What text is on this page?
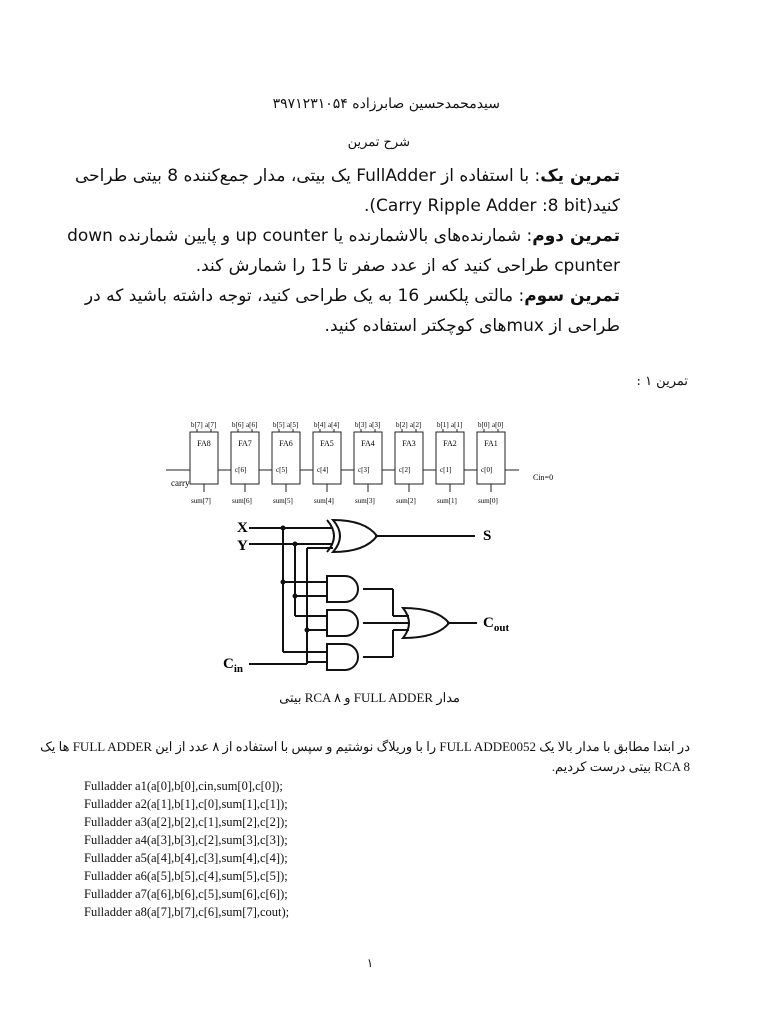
سیدمحمدحسین صابرزاده ۳۹۷۱۲۳۱۰۵۴
شرح تمرین
تمرین یک: با استفاده از FullAdder یک بیتی، مدار جمع‌کننده 8 بیتی طراحی
کنید(Carry Ripple Adder :8 bit).
تمرین دوم: شمارنده‌های بالاشمارنده یا up counter و پایین شمارنده down
cpunter طراحی کنید که از عدد صفر تا 15 را شمارش کند.
تمرین سوم: مالتی پلکسر 16 به یک طراحی کنید، توجه داشته باشید که در
طراحی از muxهای کوچکتر استفاده کنید.
تمرین ۱ :
FA8
b[7] a[7]
sum[7]
FA7
b[6] a[6]
sum[6]
c[6]
FA6
b[5] a[5]
sum[5]
c[5]
FA5
b[4] a[4]
sum[4]
c[4]
FA4
b[3] a[3]
sum[3]
c[3]
FA3
b[2] a[2]
sum[2]
c[2]
FA2
b[1] a[1]
sum[1]
c[1]
FA1
b[0] a[0]
sum[0]
c[0]
carry
Cin=0
X
Y
S
$C_{out}$
$C_{in}$
مدار FULL ADDER و RCA ۸ بیتی
در ابتدا مطابق با مدار بالا یک FULL ADDE0052 را با وریلاگ نوشتیم و سپس با استفاده از ۸ عدد از این FULL ADDER ها یک
RCA 8 بیتی درست کردیم.
Fulladder a1(a[0],b[0],cin,sum[0],c[0]);
Fulladder a2(a[1],b[1],c[0],sum[1],c[1]);
Fulladder a3(a[2],b[2],c[1],sum[2],c[2]);
Fulladder a4(a[3],b[3],c[2],sum[3],c[3]);
Fulladder a5(a[4],b[4],c[3],sum[4],c[4]);
Fulladder a6(a[5],b[5],c[4],sum[5],c[5]);
Fulladder a7(a[6],b[6],c[5],sum[6],c[6]);
Fulladder a8(a[7],b[7],c[6],sum[7],cout);
۱
